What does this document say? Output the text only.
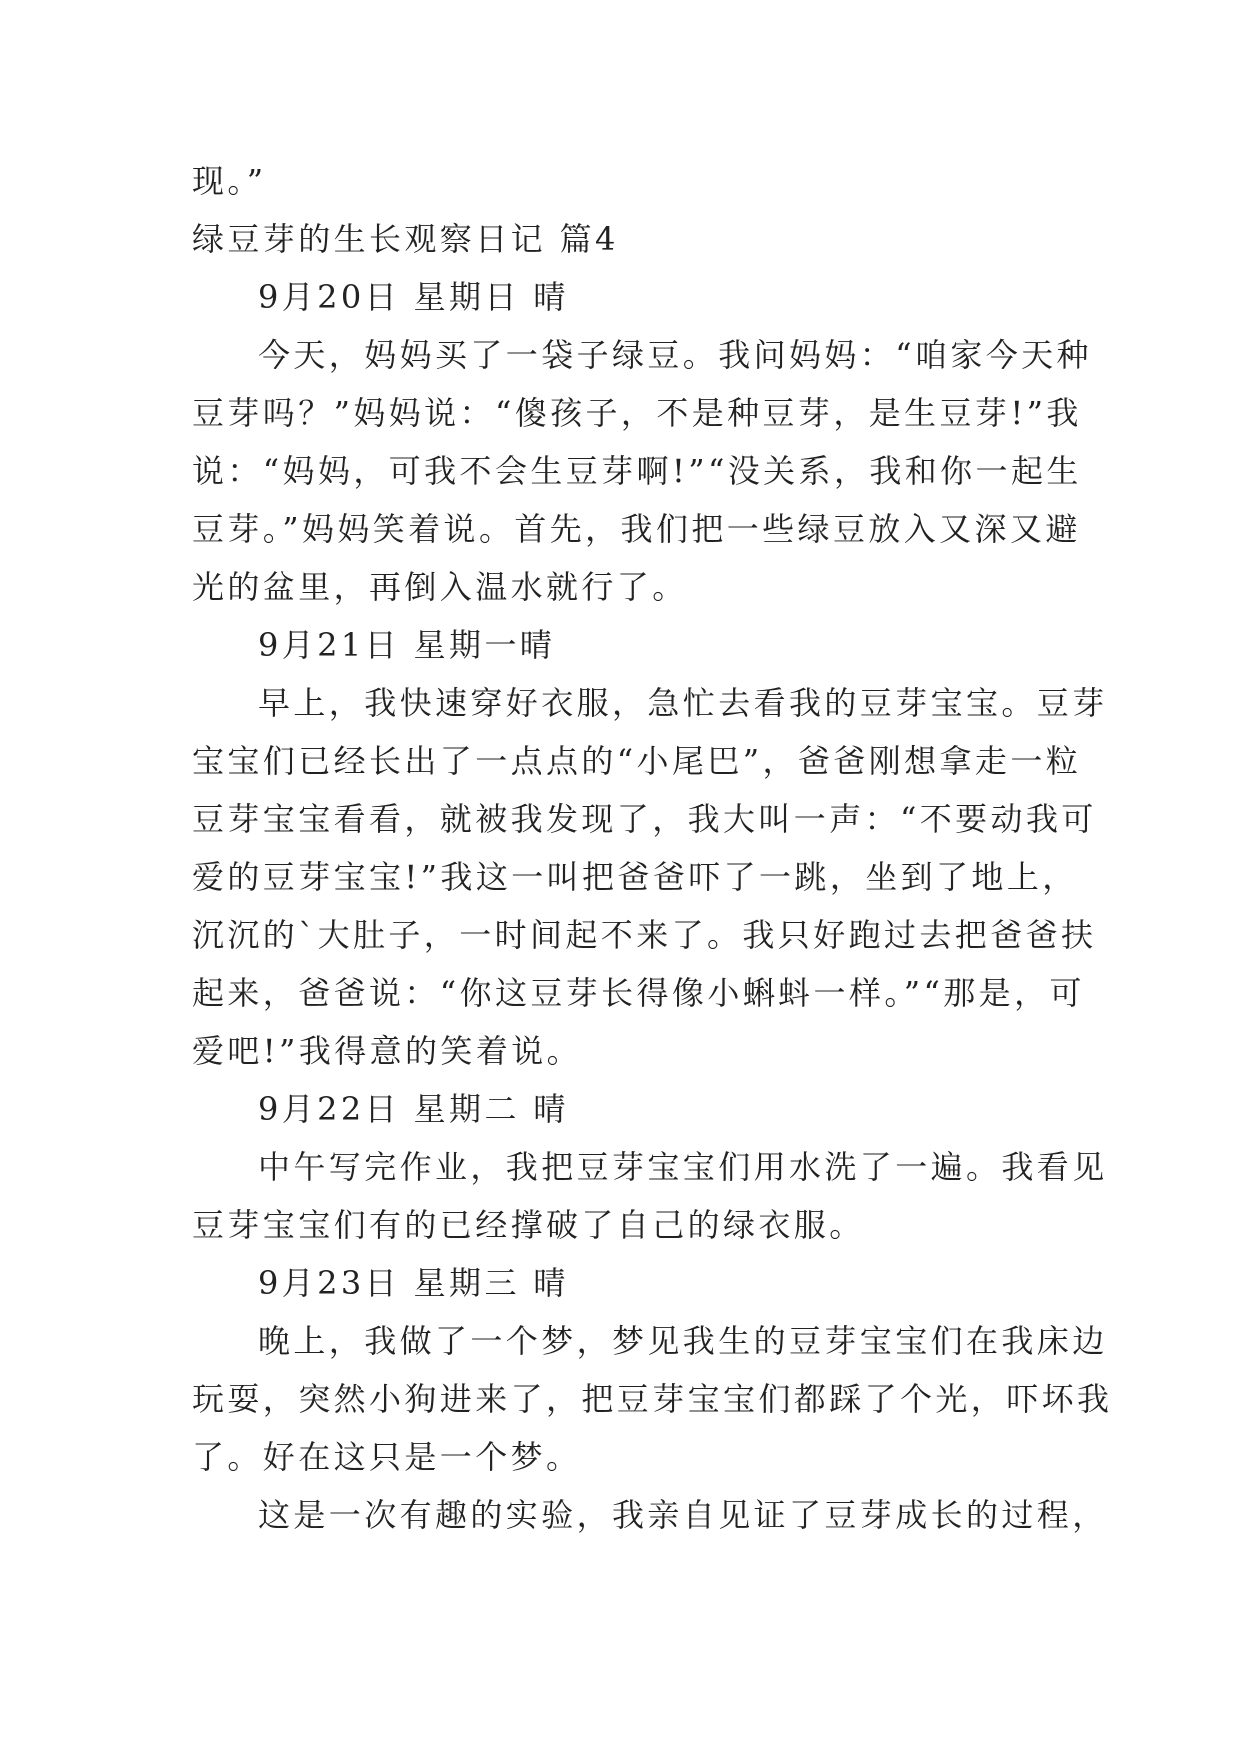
现。”
绿豆芽的生长观察日记 篇4
9月20日 星期日 晴
今天，妈妈买了一袋子绿豆。我问妈妈：“咱家今天种
豆芽吗？”妈妈说：“傻孩子，不是种豆芽，是生豆芽!”我
说：“妈妈，可我不会生豆芽啊!”“没关系，我和你一起生
豆芽。”妈妈笑着说。首先，我们把一些绿豆放入又深又避
光的盆里，再倒入温水就行了。
9月21日 星期一晴
早上，我快速穿好衣服，急忙去看我的豆芽宝宝。豆芽
宝宝们已经长出了一点点的“小尾巴”，爸爸刚想拿走一粒
豆芽宝宝看看，就被我发现了，我大叫一声：“不要动我可
爱的豆芽宝宝!”我这一叫把爸爸吓了一跳，坐到了地上，
沉沉的`大肚子，一时间起不来了。我只好跑过去把爸爸扶
起来，爸爸说：“你这豆芽长得像小蝌蚪一样。”“那是，可
爱吧!”我得意的笑着说。
9月22日 星期二 晴
中午写完作业，我把豆芽宝宝们用水洗了一遍。我看见
豆芽宝宝们有的已经撑破了自己的绿衣服。
9月23日 星期三 晴
晚上，我做了一个梦，梦见我生的豆芽宝宝们在我床边
玩耍，突然小狗进来了，把豆芽宝宝们都踩了个光，吓坏我
了。好在这只是一个梦。
这是一次有趣的实验，我亲自见证了豆芽成长的过程，
